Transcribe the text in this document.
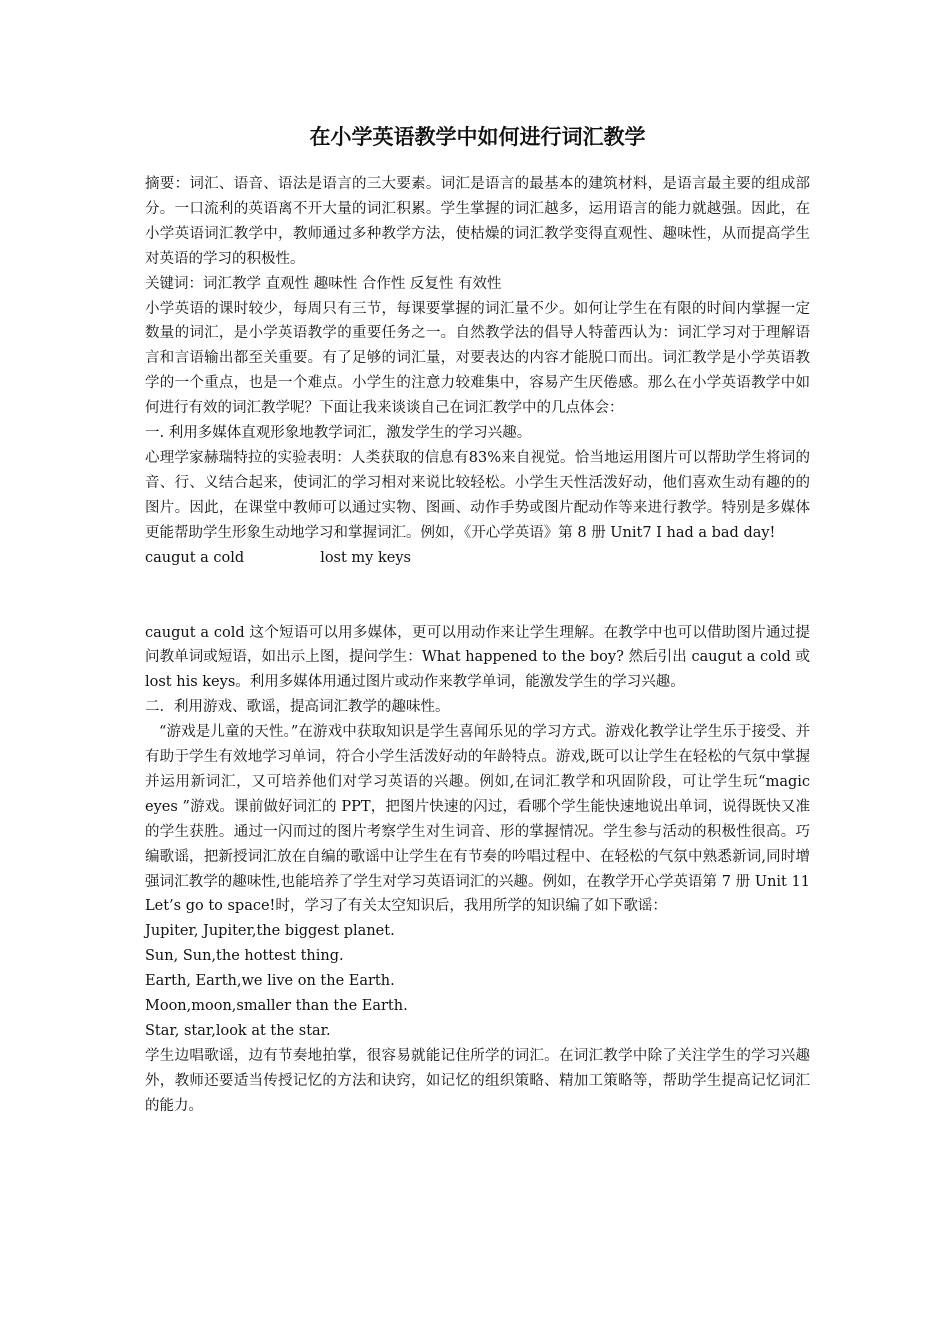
在小学英语教学中如何进行词汇教学

摘要：词汇、语音、语法是语言的三大要素。词汇是语言的最基本的建筑材料，是语言最主要的组成部分。一口流利的英语离不开大量的词汇积累。学生掌握的词汇越多，运用语言的能力就越强。因此，在小学英语词汇教学中，教师通过多种教学方法，使枯燥的词汇教学变得直观性、趣味性，从而提高学生对英语的学习的积极性。

关键词：词汇教学 直观性 趣味性 合作性 反复性 有效性

小学英语的课时较少，每周只有三节，每课要掌握的词汇量不少。如何让学生在有限的时间内掌握一定数量的词汇，是小学英语教学的重要任务之一。自然教学法的倡导人特蕾西认为：词汇学习对于理解语言和言语输出都至关重要。有了足够的词汇量，对要表达的内容才能脱口而出。词汇教学是小学英语教学的一个重点，也是一个难点。小学生的注意力较难集中，容易产生厌倦感。那么在小学英语教学中如何进行有效的词汇教学呢？下面让我来谈谈自己在词汇教学中的几点体会：

一. 利用多媒体直观形象地教学词汇，激发学生的学习兴趣。

心理学家赫瑞特拉的实验表明：人类获取的信息有83%来自视觉。恰当地运用图片可以帮助学生将词的音、行、义结合起来，使词汇的学习相对来说比较轻松。小学生天性活泼好动，他们喜欢生动有趣的的图片。因此，在课堂中教师可以通过实物、图画、动作手势或图片配动作等来进行教学。特别是多媒体更能帮助学生形象生动地学习和掌握词汇。例如，《开心学英语》第 8 册 Unit7 I had a bad day!

caugut a cold	lost my keys

caugut a cold 这个短语可以用多媒体，更可以用动作来让学生理解。在教学中也可以借助图片通过提问教单词或短语，如出示上图，提问学生：What happened to the boy? 然后引出 caugut a cold 或 lost his keys。利用多媒体用通过图片或动作来教学单词，能激发学生的学习兴趣。

二．利用游戏、歌谣，提高词汇教学的趣味性。

“游戏是儿童的天性。”在游戏中获取知识是学生喜闻乐见的学习方式。游戏化教学让学生乐于接受、并有助于学生有效地学习单词，符合小学生活泼好动的年龄特点。游戏,既可以让学生在轻松的气氛中掌握并运用新词汇，又可培养他们对学习英语的兴趣。例如,在词汇教学和巩固阶段，可让学生玩“magic eyes ”游戏。课前做好词汇的 PPT，把图片快速的闪过，看哪个学生能快速地说出单词，说得既快又准的学生获胜。通过一闪而过的图片考察学生对生词音、形的掌握情况。学生参与活动的积极性很高。巧编歌谣，把新授词汇放在自编的歌谣中让学生在有节奏的吟唱过程中、在轻松的气氛中熟悉新词,同时增强词汇教学的趣味性,也能培养了学生对学习英语词汇的兴趣。例如，在教学开心学英语第 7 册 Unit 11 Let’s go to space!时，学习了有关太空知识后，我用所学的知识编了如下歌谣：

Jupiter, Jupiter,the biggest planet.

Sun, Sun,the hottest thing.

Earth, Earth,we live on the Earth.

Moon,moon,smaller than the Earth.

Star, star,look at the star.

学生边唱歌谣，边有节奏地拍掌，很容易就能记住所学的词汇。在词汇教学中除了关注学生的学习兴趣外，教师还要适当传授记忆的方法和诀窍，如记忆的组织策略、精加工策略等，帮助学生提高记忆词汇的能力。
